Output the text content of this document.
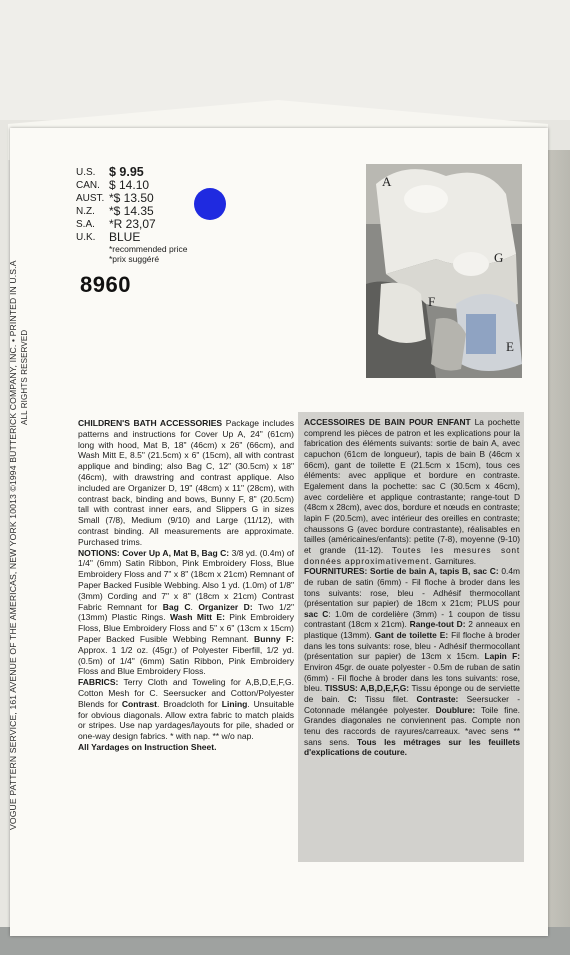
VOGUE PATTERN SERVICE, 161 AVENUE OF THE AMERICAS, NEW YORK 10013 ©1994 BUTTERICK COMPANY, INC. • PRINTED IN U.S.A ALL RIGHTS RESERVED
U.S.	$ 9.95
CAN. $ 14.10
AUST. *$ 13.50
N.Z.	*$ 14.35
S.A.	*R 23,07
U.K.	BLUE
*recommended price
*prix suggéré
8960
A
G
F
E

CHILDREN'S BATH ACCESSORIES Package includes patterns and instructions for Cover Up A, 24" (61cm) long with hood, Mat B, 18" (46cm) x 26" (66cm), and Wash Mitt E, 8.5" (21.5cm) x 6" (15cm), all with contrast applique and binding; also Bag C, 12" (30.5cm) x 18" (46cm), with drawstring and contrast applique. Also included are Organizer D, 19" (48cm) x 11" (28cm), with contrast back, binding and bows, Bunny F, 8" (20.5cm) tall with contrast inner ears, and Slippers G in sizes Small (7/8), Medium (9/10) and Large (11/12), with contrast binding. All measurements are approximate. Purchased trims.

NOTIONS: Cover Up A, Mat B, Bag C: 3/8 yd. (0.4m) of 1/4" (6mm) Satin Ribbon, Pink Embroidery Floss, Blue Embroidery Floss and 7" x 8" (18cm x 21cm) Remnant of Paper Backed Fusible Webbing. Also 1 yd. (1.0m) of 1/8" (3mm) Cording and 7" x 8" (18cm x 21cm) Contrast Fabric Remnant for Bag C. Organizer D: Two 1/2" (13mm) Plastic Rings. Wash Mitt E: Pink Embroidery Floss, Blue Embroidery Floss and 5" x 6" (13cm x 15cm) Paper Backed Fusible Webbing Remnant. Bunny F: Approx. 1 1/2 oz. (45gr.) of Polyester Fiberfill, 1/2 yd. (0.5m) of 1/4" (6mm) Satin Ribbon, Pink Embroidery Floss and Blue Embroidery Floss.

FABRICS: Terry Cloth and Toweling for A,B,D,E,F,G. Cotton Mesh for C. Seersucker and Cotton/Polyester Blends for Contrast. Broadcloth for Lining. Unsuitable for obvious diagonals. Allow extra fabric to match plaids or stripes. Use nap yardages/layouts for pile, shaded or one-way design fabrics. * with nap. ** w/o nap.

All Yardages on Instruction Sheet.

ACCESSOIRES DE BAIN POUR ENFANT La pochette comprend les pièces de patron et les explications pour la fabrication des éléments suivants: sortie de bain A, avec capuchon (61cm de longueur), tapis de bain B (46cm x 66cm), gant de toilette E (21.5cm x 15cm), tous ces éléments: avec applique et bordure en contraste. Egalement dans la pochette: sac C (30.5cm x 46cm), avec cordelière et applique contrastante; range-tout D (48cm x 28cm), avec dos, bordure et nœuds en contraste; lapin F (20.5cm), avec intérieur des oreilles en contraste; chaussons G (avec bordure contrastante), réalisables en tailles (américaines/enfants): petite (7-8), moyenne (9-10) et grande (11-12). Toutes les mesures sont données approximativement. Garnitures.

FOURNITURES: Sortie de bain A, tapis B, sac C: 0.4m de ruban de satin (6mm) - Fil floche à broder dans les tons suivants: rose, bleu - Adhésif thermocollant (présentation sur papier) de 18cm x 21cm; PLUS pour sac C: 1.0m de cordelière (3mm) - 1 coupon de tissu contrastant (18cm x 21cm). Range-tout D: 2 anneaux en plastique (13mm). Gant de toilette E: Fil floche à broder dans les tons suivants: rose, bleu - Adhésif thermocollant (présentation sur papier) de 13cm x 15cm. Lapin F: Environ 45gr. de ouate polyester - 0.5m de ruban de satin (6mm) - Fil floche à broder dans les tons suivants: rose, bleu. TISSUS: A,B,D,E,F,G: Tissu éponge ou de serviette de bain. C: Tissu filet. Contraste: Seersucker - Cotonnade mélangée polyester. Doublure: Toile fine. Grandes diagonales ne conviennent pas. Compte non tenu des raccords de rayures/carreaux. *avec sens ** sans sens. Tous les métrages sur les feuillets d'explications de couture.
